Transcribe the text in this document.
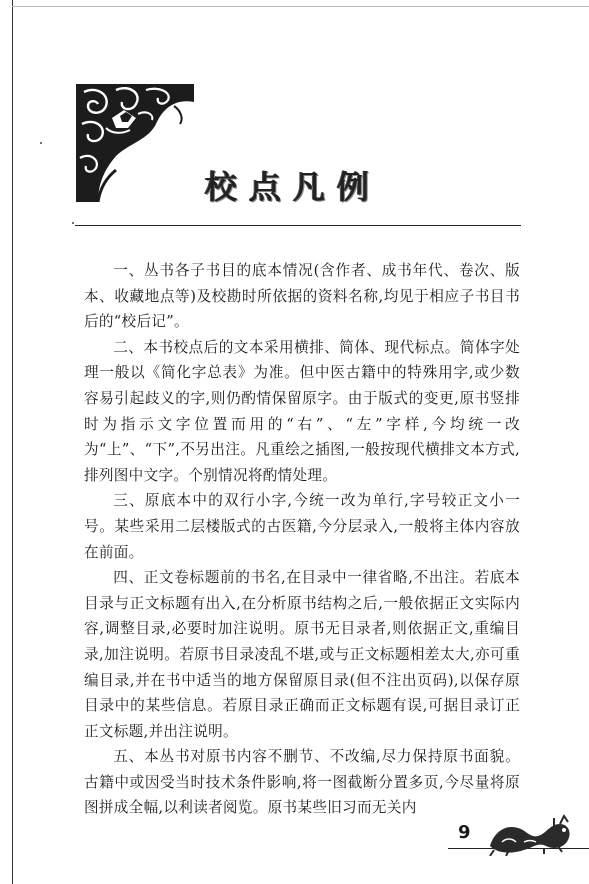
校点凡例

一、丛书各子书目的底本情况(含作者、成书年代、卷次、版本、收藏地点等)及校勘时所依据的资料名称,均见于相应子书目书后的“校后记”。

二、本书校点后的文本采用横排、简体、现代标点。简体字处理一般以《简化字总表》为准。但中医古籍中的特殊用字,或少数容易引起歧义的字,则仍酌情保留原字。由于版式的变更,原书竖排时为指示文字位置而用的“右”、“左”字样,今均统一改为“上”、“下”,不另出注。凡重绘之插图,一般按现代横排文本方式,排列图中文字。个别情况将酌情处理。

三、原底本中的双行小字,今统一改为单行,字号较正文小一号。某些采用二层楼版式的古医籍,今分层录入,一般将主体内容放在前面。

四、正文卷标题前的书名,在目录中一律省略,不出注。若底本目录与正文标题有出入,在分析原书结构之后,一般依据正文实际内容,调整目录,必要时加注说明。原书无目录者,则依据正文,重编目录,加注说明。若原书目录凌乱不堪,或与正文标题相差太大,亦可重编目录,并在书中适当的地方保留原目录(但不注出页码),以保存原目录中的某些信息。若原目录正确而正文标题有误,可据目录订正正文标题,并出注说明。

五、本丛书对原书内容不删节、不改编,尽力保持原书面貌。古籍中或因受当时技术条件影响,将一图截断分置多页,今尽量将原图拼成全幅,以利读者阅览。原书某些旧习而无关内

9
